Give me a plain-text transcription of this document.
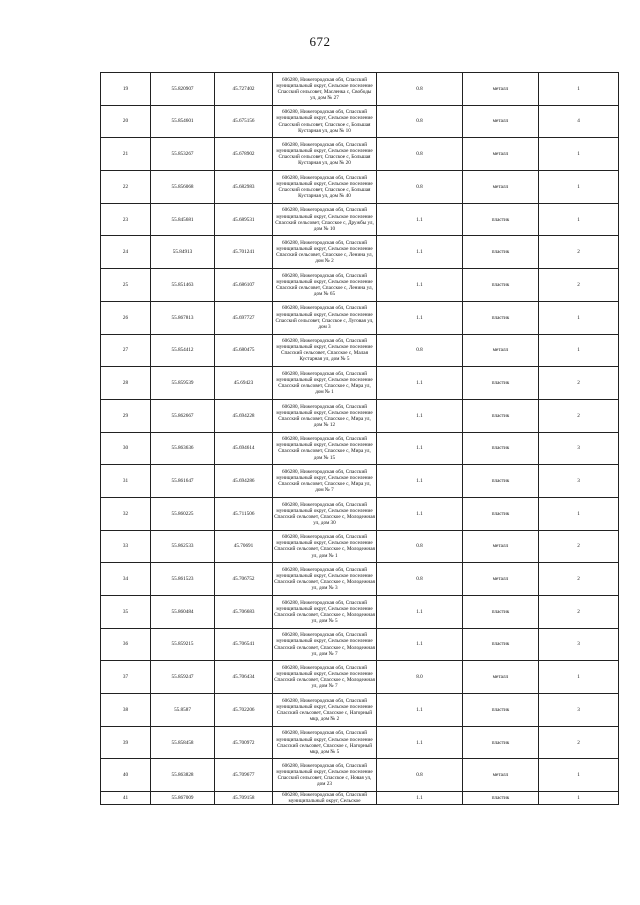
672
19	55.820907	45.727402	606280, Нижегородская обл, Спасский муниципальный округ, Сельское поселение Спасский сельсовет, Масленка с, Свободы ул, дом № 27	0.8	металл	1
20	55.854601	45.675156	606280, Нижегородская обл, Спасский муниципальный округ, Сельское поселение Спасский сельсовет, Спасское с, Большая Кустарная ул, дом № 10	0.8	металл	4
21	55.853267	45.678902	606280, Нижегородская обл, Спасский муниципальный округ, Сельское поселение Спасский сельсовет, Спасское с, Большая Кустарная ул, дом № 20	0.8	металл	1
22	55.856068	45.682983	606280, Нижегородская обл, Спасский муниципальный округ, Сельское поселение Спасский сельсовет, Спасское с, Большая Кустарная ул, дом № 40	0.8	металл	1
23	55.845681	45.689531	606280, Нижегородская обл, Спасский муниципальный округ, Сельское поселение Спасский сельсовет, Спасское с, Дружбы ул, дом № 10	1.1	пластик	1
24	55.84913	45.701241	606280, Нижегородская обл, Спасский муниципальный округ, Сельское поселение Спасский сельсовет, Спасское с, Ленина ул, дом № 2	1.1	пластик	2
25	55.851463	45.686107	606280, Нижегородская обл, Спасский муниципальный округ, Сельское поселение Спасский сельсовет, Спасское с, Ленина ул, дом № 65	1.1	пластик	2
26	55.867813	45.697727	606280, Нижегородская обл, Спасский муниципальный округ, Сельское поселение Спасский сельсовет, Спасское с, Луговая ул, дом 3	1.1	пластик	1
27	55.854412	45.680475	606280, Нижегородская обл, Спасский муниципальный округ, Сельское поселение Спасский сельсовет, Спасское с, Малая Кустарная ул, дом № 5	0.8	металл	1
28	55.859539	45.69423	606280, Нижегородская обл, Спасский муниципальный округ, Сельское поселение Спасский сельсовет, Спасское с, Мира ул, дом № 1	1.1	пластик	2
29	55.862667	45.694228	606280, Нижегородская обл, Спасский муниципальный округ, Сельское поселение Спасский сельсовет, Спасское с, Мира ул, дом № 12	1.1	пластик	2
30	55.863636	45.694614	606280, Нижегородская обл, Спасский муниципальный округ, Сельское поселение Спасский сельсовет, Спасское с, Мира ул, дом № 15	1.1	пластик	3
31	55.861647	45.694286	606280, Нижегородская обл, Спасский муниципальный округ, Сельское поселение Спасский сельсовет, Спасское с, Мира ул, дом № 7	1.1	пластик	3
32	55.860225	45.711506	606280, Нижегородская обл, Спасский муниципальный округ, Сельское поселение Спасский сельсовет, Спасское с, Молодежная ул, дом 30	1.1	пластик	1
33	55.862533	45.70691	606280, Нижегородская обл, Спасский муниципальный округ, Сельское поселение Спасский сельсовет, Спасское с, Молодежная ул, дом № 1	0.8	металл	2
34	55.861523	45.706752	606280, Нижегородская обл, Спасский муниципальный округ, Сельское поселение Спасский сельсовет, Спасское с, Молодежная ул, дом № 3	0.8	металл	2
35	55.860484	45.706683	606280, Нижегородская обл, Спасский муниципальный округ, Сельское поселение Спасский сельсовет, Спасское с, Молодежная ул, дом № 5	1.1	пластик	2
36	55.859215	45.706541	606280, Нижегородская обл, Спасский муниципальный округ, Сельское поселение Спасский сельсовет, Спасское с, Молодежная ул, дом № 7	1.1	пластик	3
37	55.859247	45.706434	606280, Нижегородская обл, Спасский муниципальный округ, Сельское поселение Спасский сельсовет, Спасское с, Молодежная ул, дом № 7	8.0	металл	1
38	55.8587	45.702206	606280, Нижегородская обл, Спасский муниципальный округ, Сельское поселение Спасский сельсовет, Спасское с, Нагорный мкр, дом № 2	1.1	пластик	3
39	55.858458	45.700972	606280, Нижегородская обл, Спасский муниципальный округ, Сельское поселение Спасский сельсовет, Спасское с, Нагорный мкр, дом № 5	1.1	пластик	2
40	55.863828	45.709677	606280, Нижегородская обл, Спасский муниципальный округ, Сельское поселение Спасский сельсовет, Спасское с, Новая ул, дом 23	0.8	металл	1
41	55.867009	45.709158	606280, Нижегородская обл, Спасский муниципальный округ, Сельское	1.1	пластик	1
